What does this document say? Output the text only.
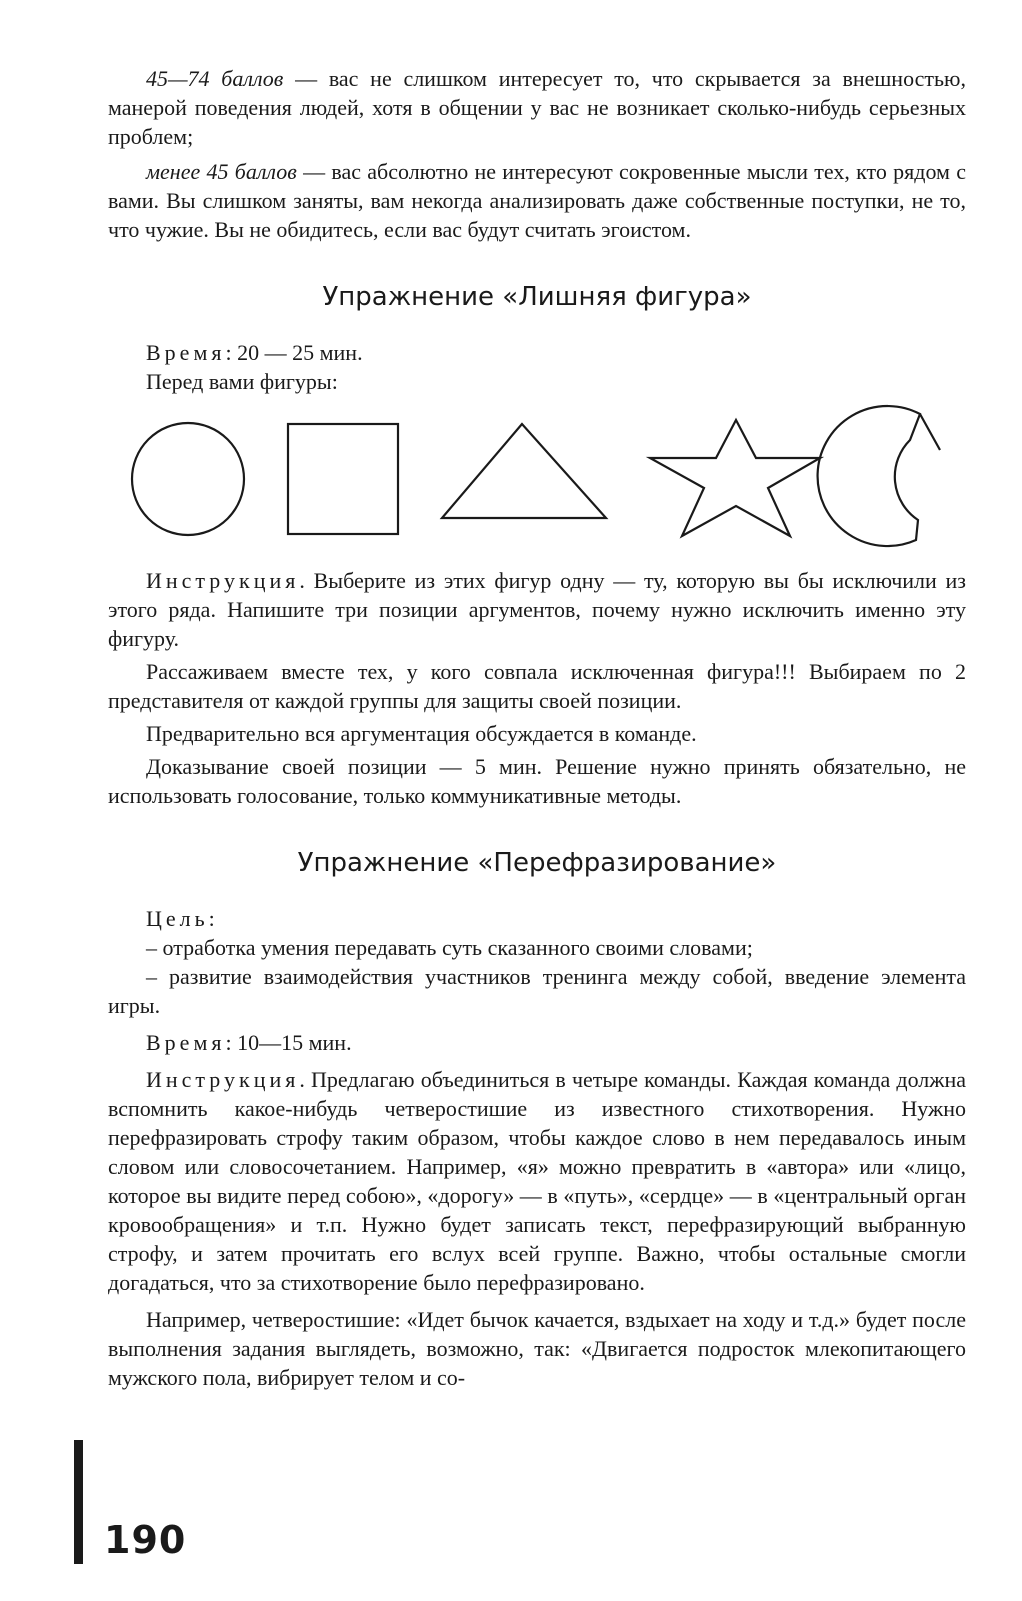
45—74 баллов — вас не слишком интересует то, что скрывается за внешностью, манерой поведения людей, хотя в общении у вас не возникает сколько-нибудь серьезных проблем;

менее 45 баллов — вас абсолютно не интересуют сокровенные мысли тех, кто рядом с вами. Вы слишком заняты, вам некогда анализировать даже собственные поступки, не то, что чужие. Вы не обидитесь, если вас будут считать эгоистом.

Упражнение «Лишняя фигура»

Время: 20 — 25 мин.

Перед вами фигуры:

Инструкция. Выберите из этих фигур одну — ту, которую вы бы исключили из этого ряда. Напишите три позиции аргументов, почему нужно исключить именно эту фигуру.

Рассаживаем вместе тех, у кого совпала исключенная фигура!!! Выбираем по 2 представителя от каждой группы для защиты своей позиции.

Предварительно вся аргументация обсуждается в команде.

Доказывание своей позиции — 5 мин. Решение нужно принять обязательно, не использовать голосование, только коммуникативные методы.

Упражнение «Перефразирование»

Цель:

– отработка умения передавать суть сказанного своими словами;

– развитие взаимодействия участников тренинга между собой, введение элемента игры.

Время: 10—15 мин.

Инструкция. Предлагаю объединиться в четыре команды. Каждая команда должна вспомнить какое-нибудь четверостишие из известного стихотворения. Нужно перефразировать строфу таким образом, чтобы каждое слово в нем передавалось иным словом или словосочетанием. Например, «я» можно превратить в «автора» или «лицо, которое вы видите перед собою», «дорогу» — в «путь», «сердце» — в «центральный орган кровообращения» и т.п. Нужно будет записать текст, перефразирующий выбранную строфу, и затем прочитать его вслух всей группе. Важно, чтобы остальные смогли догадаться, что за стихотворение было перефразировано.

Например, четверостишие: «Идет бычок качается, вздыхает на ходу и т.д.» будет после выполнения задания выглядеть, возможно, так: «Двигается подросток млекопитающего мужского пола, вибрирует телом и со-

190
